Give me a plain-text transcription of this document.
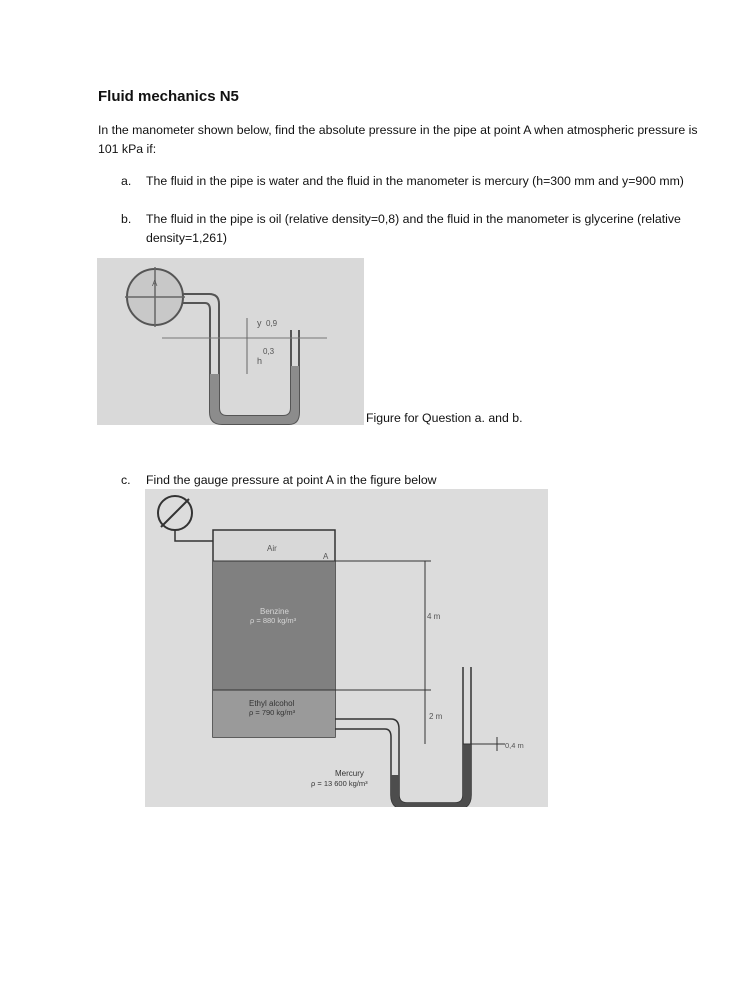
Fluid mechanics N5
In the manometer shown below, find the absolute pressure in the pipe at point A when atmospheric pressure is 101 kPa if:
a. The fluid in the pipe is water and the fluid in the manometer is mercury (h=300 mm and y=900 mm)
b. The fluid in the pipe is oil (relative density=0,8) and the fluid in the manometer is glycerine (relative density=1,261)
A
y 0,9
h
0,3
Figure for Question a. and b.
c. Find the gauge pressure at point A in the figure below
Air
A
Benzine
ρ = 880 kg/m³
Ethyl alcohol
ρ = 790 kg/m³
Mercury
ρ = 13 600 kg/m³
4 m
2 m
0,4 m
